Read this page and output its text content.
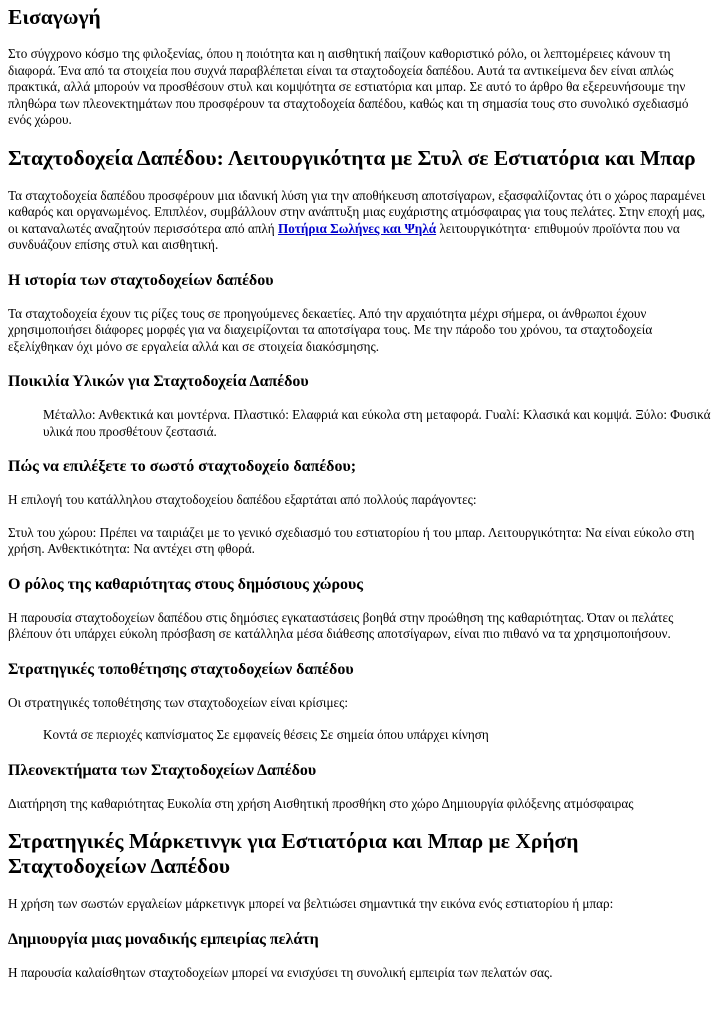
Εισαγωγή

Στο σύγχρονο κόσμο της φιλοξενίας, όπου η ποιότητα και η αισθητική παίζουν καθοριστικό ρόλο, οι λεπτομέρειες κάνουν τη διαφορά. Ένα από τα στοιχεία που συχνά παραβλέπεται είναι τα σταχτοδοχεία δαπέδου. Αυτά τα αντικείμενα δεν είναι απλώς πρακτικά, αλλά μπορούν να προσθέσουν στυλ και κομψότητα σε εστιατόρια και μπαρ. Σε αυτό το άρθρο θα εξερευνήσουμε την πληθώρα των πλεονεκτημάτων που προσφέρουν τα σταχτοδοχεία δαπέδου, καθώς και τη σημασία τους στο συνολικό σχεδιασμό ενός χώρου.

Σταχτοδοχεία Δαπέδου: Λειτουργικότητα με Στυλ σε Εστιατόρια και Μπαρ

Τα σταχτοδοχεία δαπέδου προσφέρουν μια ιδανική λύση για την αποθήκευση αποτσίγαρων, εξασφαλίζοντας ότι ο χώρος παραμένει καθαρός και οργανωμένος. Επιπλέον, συμβάλλουν στην ανάπτυξη μιας ευχάριστης ατμόσφαιρας για τους πελάτες. Στην εποχή μας, οι καταναλωτές αναζητούν περισσότερα από απλή Ποτήρια Σωλήνες και Ψηλά λειτουργικότητα· επιθυμούν προϊόντα που να συνδυάζουν επίσης στυλ και αισθητική.

Η ιστορία των σταχτοδοχείων δαπέδου

Τα σταχτοδοχεία έχουν τις ρίζες τους σε προηγούμενες δεκαετίες. Από την αρχαιότητα μέχρι σήμερα, οι άνθρωποι έχουν χρησιμοποιήσει διάφορες μορφές για να διαχειρίζονται τα αποτσίγαρα τους. Με την πάροδο του χρόνου, τα σταχτοδοχεία εξελίχθηκαν όχι μόνο σε εργαλεία αλλά και σε στοιχεία διακόσμησης.

Ποικιλία Υλικών για Σταχτοδοχεία Δαπέδου
Μέταλλο: Ανθεκτικά και μοντέρνα. Πλαστικό: Ελαφριά και εύκολα στη μεταφορά. Γυαλί: Κλασικά και κομψά. Ξύλο: Φυσικά υλικά που προσθέτουν ζεστασιά.
Πώς να επιλέξετε το σωστό σταχτοδοχείο δαπέδου;

Η επιλογή του κατάλληλου σταχτοδοχείου δαπέδου εξαρτάται από πολλούς παράγοντες:

Στυλ του χώρου: Πρέπει να ταιριάζει με το γενικό σχεδιασμό του εστιατορίου ή του μπαρ. Λειτουργικότητα: Να είναι εύκολο στη χρήση. Ανθεκτικότητα: Να αντέχει στη φθορά.

Ο ρόλος της καθαριότητας στους δημόσιους χώρους

Η παρουσία σταχτοδοχείων δαπέδου στις δημόσιες εγκαταστάσεις βοηθά στην προώθηση της καθαριότητας. Όταν οι πελάτες βλέπουν ότι υπάρχει εύκολη πρόσβαση σε κατάλληλα μέσα διάθεσης αποτσίγαρων, είναι πιο πιθανό να τα χρησιμοποιήσουν.

Στρατηγικές τοποθέτησης σταχτοδοχείων δαπέδου

Οι στρατηγικές τοποθέτησης των σταχτοδοχείων είναι κρίσιμες:

Κοντά σε περιοχές καπνίσματος Σε εμφανείς θέσεις Σε σημεία όπου υπάρχει κίνηση
Πλεονεκτήματα των Σταχτοδοχείων Δαπέδου

Διατήρηση της καθαριότητας Ευκολία στη χρήση Αισθητική προσθήκη στο χώρο Δημιουργία φιλόξενης ατμόσφαιρας

Στρατηγικές Μάρκετινγκ για Εστιατόρια και Μπαρ με Χρήση Σταχτοδοχείων Δαπέδου

Η χρήση των σωστών εργαλείων μάρκετινγκ μπορεί να βελτιώσει σημαντικά την εικόνα ενός εστιατορίου ή μπαρ:

Δημιουργία μιας μοναδικής εμπειρίας πελάτη

Η παρουσία καλαίσθητων σταχτοδοχείων μπορεί να ενισχύσει τη συνολική εμπειρία των πελατών σας.
